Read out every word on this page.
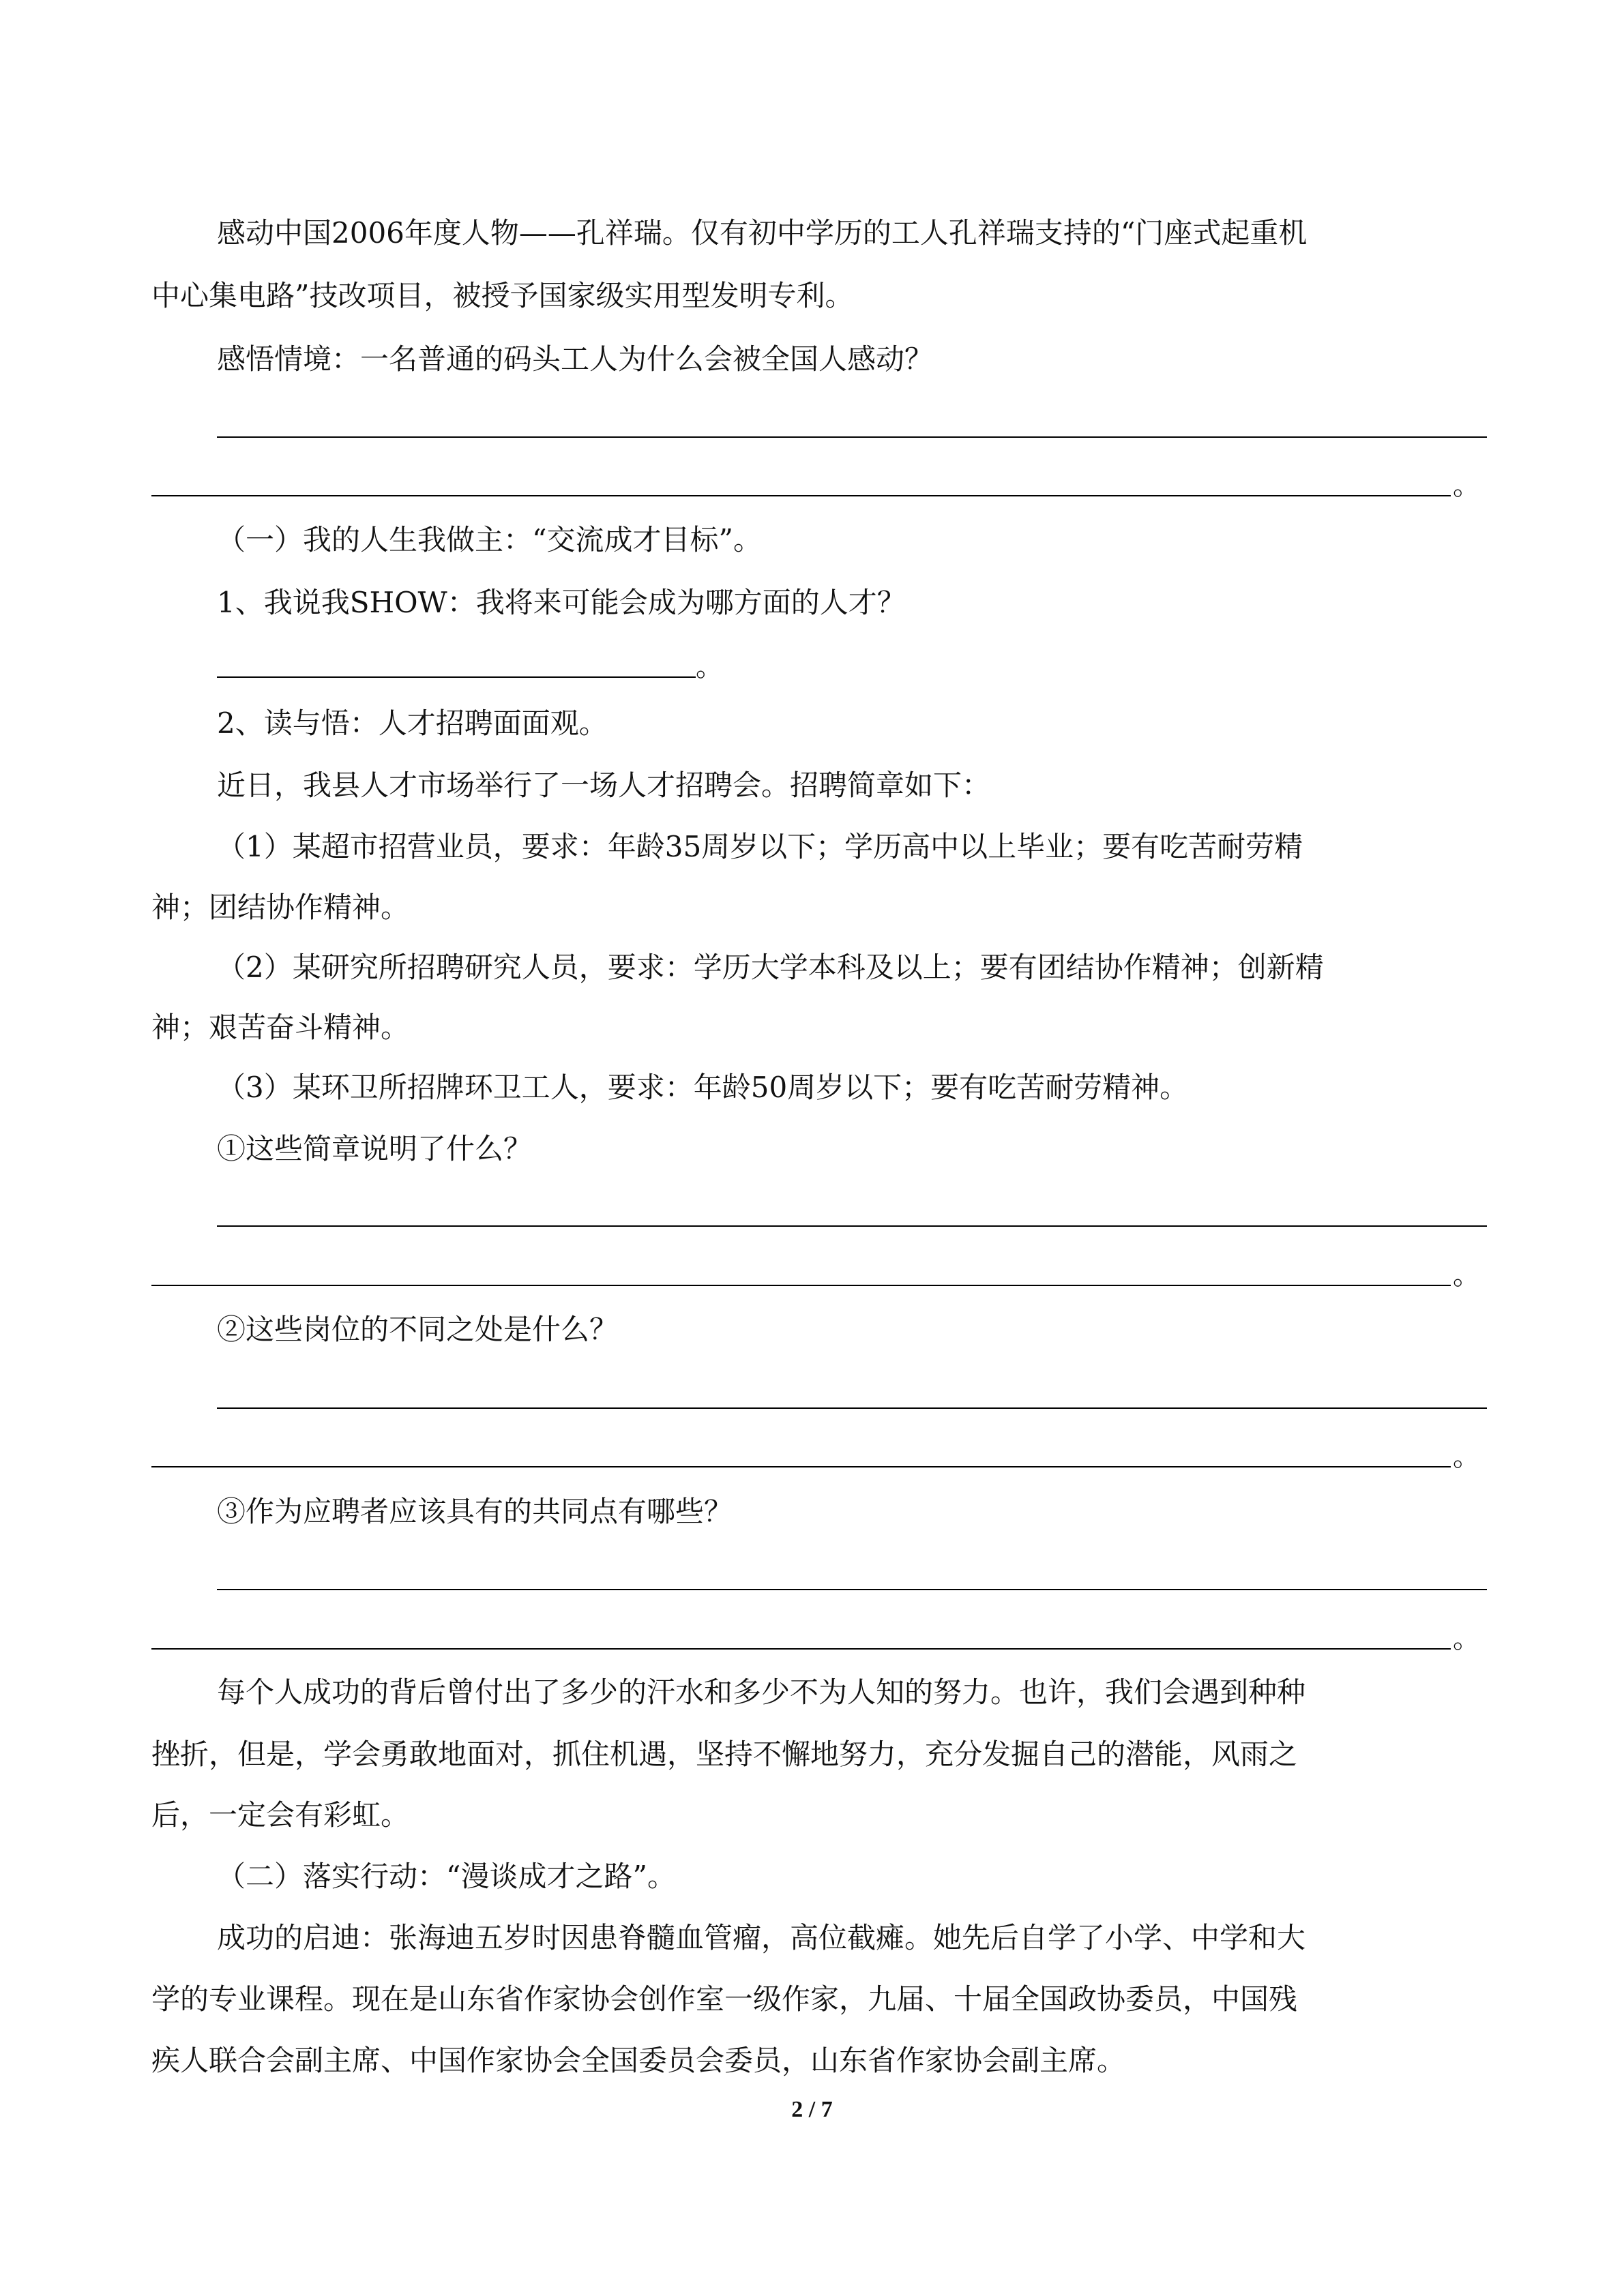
感动中国2006年度人物——孔祥瑞。仅有初中学历的工人孔祥瑞支持的“门座式起重机

中心集电路”技改项目，被授予国家级实用型发明专利。

感悟情境：一名普通的码头工人为什么会被全国人感动？

。

（一）我的人生我做主：“交流成才目标”。

1、我说我SHOW：我将来可能会成为哪方面的人才？

。

2、读与悟：人才招聘面面观。

近日，我县人才市场举行了一场人才招聘会。招聘简章如下：

（1）某超市招营业员，要求：年龄35周岁以下；学历高中以上毕业；要有吃苦耐劳精

神；团结协作精神。

（2）某研究所招聘研究人员，要求：学历大学本科及以上；要有团结协作精神；创新精

神；艰苦奋斗精神。

（3）某环卫所招牌环卫工人，要求：年龄50周岁以下；要有吃苦耐劳精神。

①这些简章说明了什么？

。

②这些岗位的不同之处是什么？

。

③作为应聘者应该具有的共同点有哪些？

。

每个人成功的背后曾付出了多少的汗水和多少不为人知的努力。也许，我们会遇到种种

挫折，但是，学会勇敢地面对，抓住机遇，坚持不懈地努力，充分发掘自己的潜能，风雨之

后，一定会有彩虹。

（二）落实行动：“漫谈成才之路”。

成功的启迪：张海迪五岁时因患脊髓血管瘤，高位截瘫。她先后自学了小学、中学和大

学的专业课程。现在是山东省作家协会创作室一级作家，九届、十届全国政协委员，中国残

疾人联合会副主席、中国作家协会全国委员会委员，山东省作家协会副主席。

2 / 7
